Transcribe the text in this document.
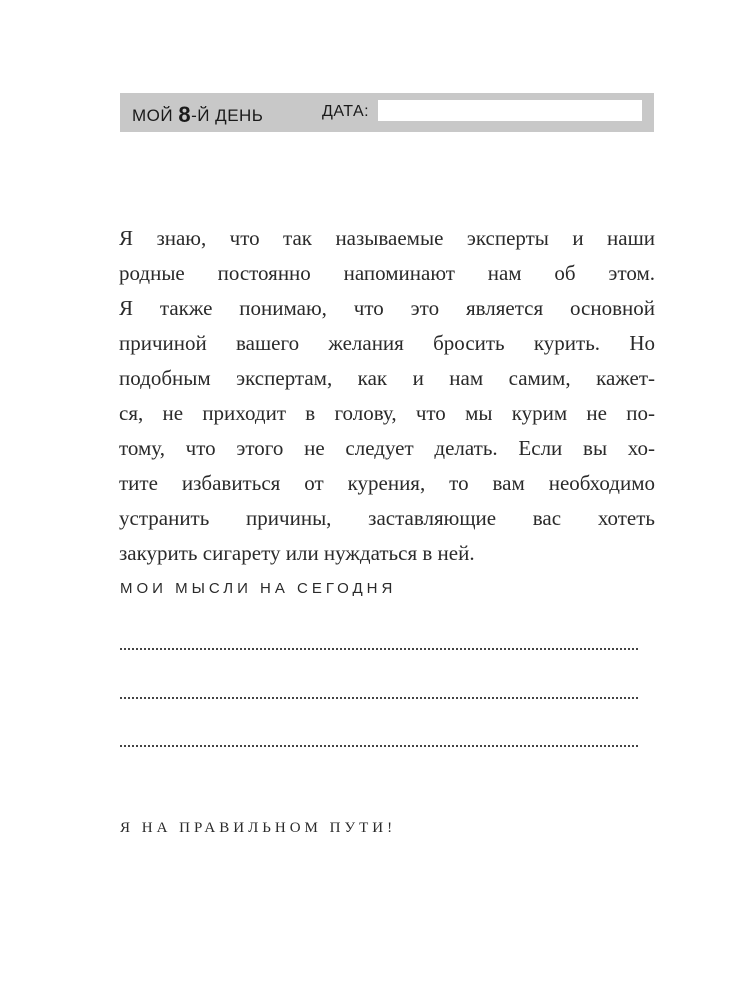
МОЙ 8-Й ДЕНЬ	ДАТА:

Я знаю, что так называемые эксперты и наши

родные постоянно напоминают нам об этом.

Я также понимаю, что это является основной

причиной вашего желания бросить курить. Но

подобным экспертам, как и нам самим, кажет-

ся, не приходит в голову, что мы курим не по-

тому, что этого не следует делать. Если вы хо-

тите избавиться от курения, то вам необходимо

устранить причины, заставляющие вас хотеть

закурить сигарету или нуждаться в ней.

МОИ МЫСЛИ НА СЕГОДНЯ
Я НА ПРАВИЛЬНОМ ПУТИ!
